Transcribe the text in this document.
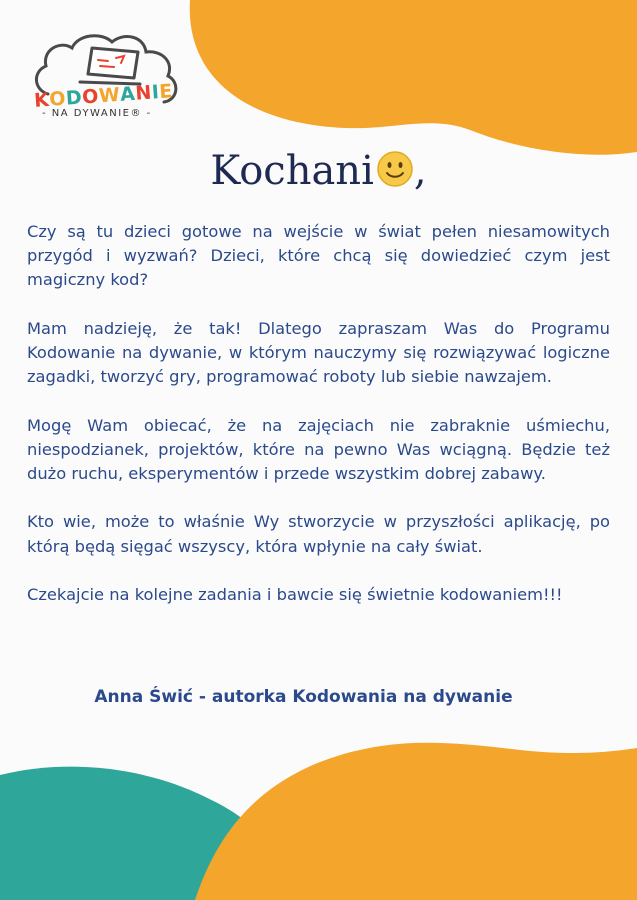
KODOWANIE
- NA DYWANIE® -
Kochani ,

Czy są tu dzieci gotowe na wejście w świat pełen niesamowitych przygód i wyzwań? Dzieci, które chcą się dowiedzieć czym jest magiczny kod?

Mam nadzieję, że tak! Dlatego zapraszam Was do Programu Kodowanie na dywanie, w którym nauczymy się rozwiązywać logiczne zagadki, tworzyć gry, programować roboty lub siebie nawzajem.

Mogę Wam obiecać, że na zajęciach nie zabraknie uśmiechu, niespodzianek, projektów, które na pewno Was wciągną. Będzie też dużo ruchu, eksperymentów i przede wszystkim dobrej zabawy.

Kto wie, może to właśnie Wy stworzycie w przyszłości aplikację, po którą będą sięgać wszyscy, która wpłynie na cały świat.

Czekajcie na kolejne zadania i bawcie się świetnie kodowaniem!!!

Anna Świć - autorka Kodowania na dywanie
